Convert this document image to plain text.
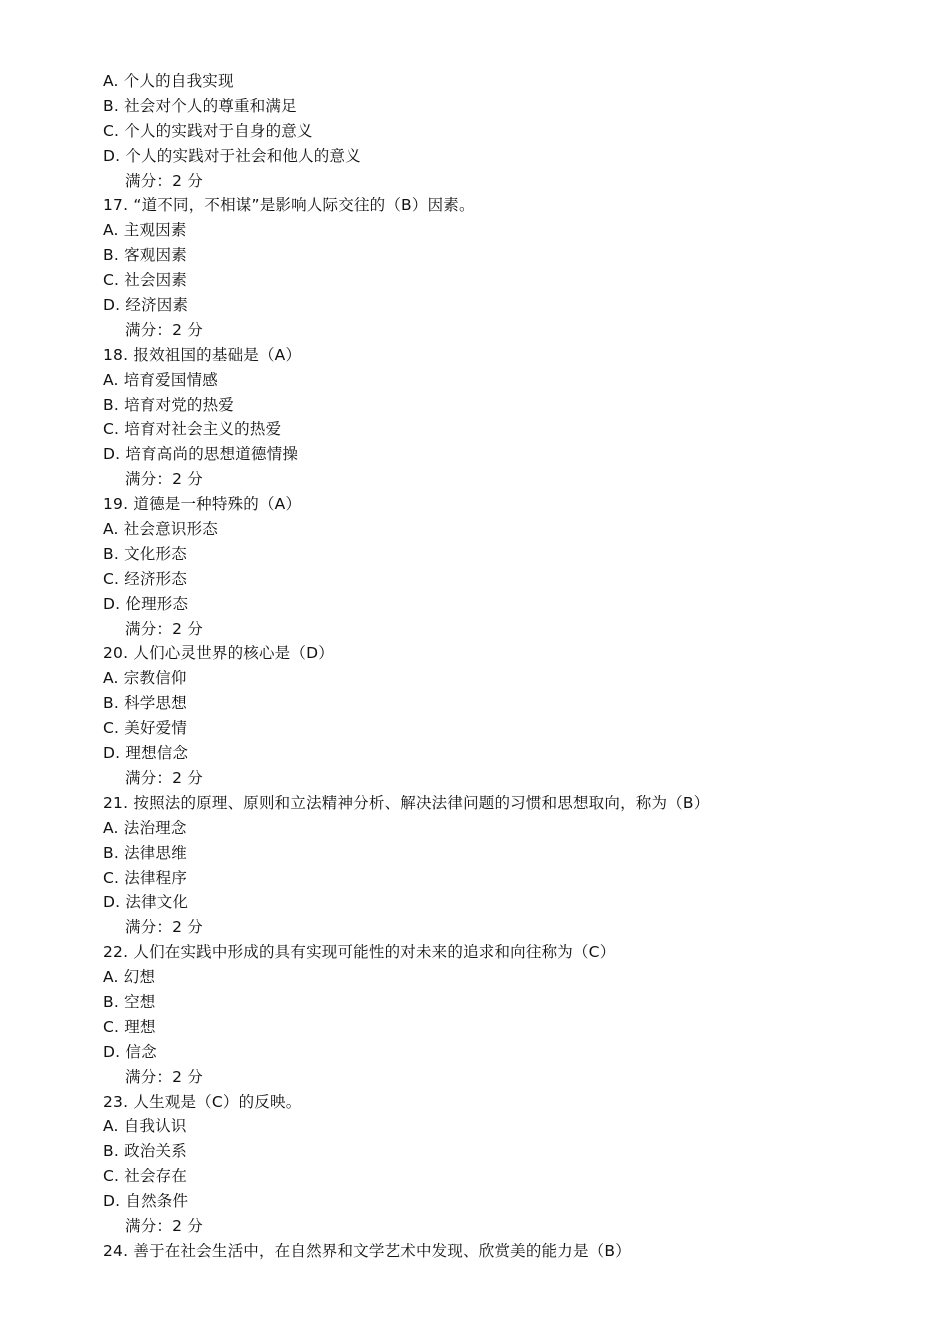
A. 个人的自我实现
B. 社会对个人的尊重和满足
C. 个人的实践对于自身的意义
D. 个人的实践对于社会和他人的意义
满分：2 分
17. “道不同，不相谋”是影响人际交往的（B）因素。
A. 主观因素
B. 客观因素
C. 社会因素
D. 经济因素
满分：2 分
18. 报效祖国的基础是（A）
A. 培育爱国情感
B. 培育对党的热爱
C. 培育对社会主义的热爱
D. 培育高尚的思想道德情操
满分：2 分
19. 道德是一种特殊的（A）
A. 社会意识形态
B. 文化形态
C. 经济形态
D. 伦理形态
满分：2 分
20. 人们心灵世界的核心是（D）
A. 宗教信仰
B. 科学思想
C. 美好爱情
D. 理想信念
满分：2 分
21. 按照法的原理、原则和立法精神分析、解决法律问题的习惯和思想取向，称为（B）
A. 法治理念
B. 法律思维
C. 法律程序
D. 法律文化
满分：2 分
22. 人们在实践中形成的具有实现可能性的对未来的追求和向往称为（C）
A. 幻想
B. 空想
C. 理想
D. 信念
满分：2 分
23. 人生观是（C）的反映。
A. 自我认识
B. 政治关系
C. 社会存在
D. 自然条件
满分：2 分
24. 善于在社会生活中，在自然界和文学艺术中发现、欣赏美的能力是（B）
